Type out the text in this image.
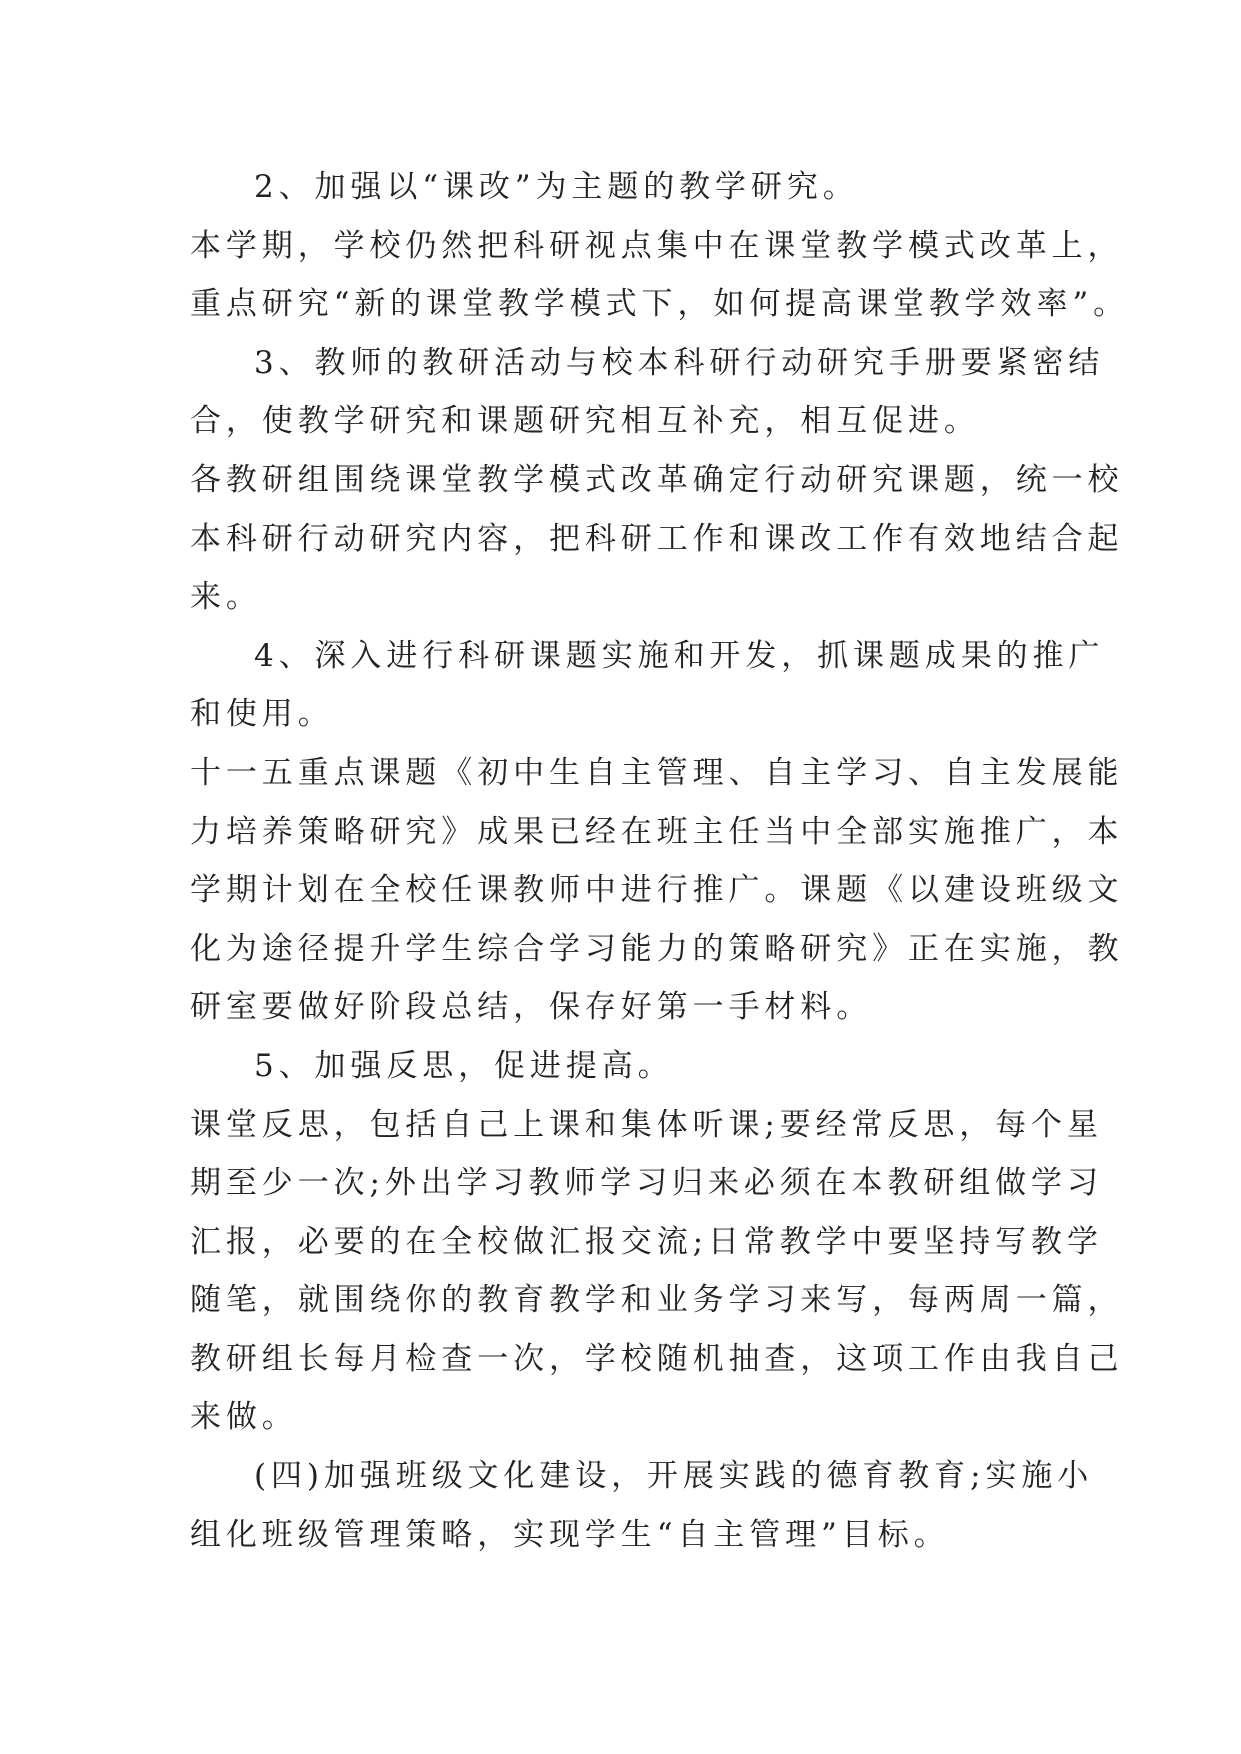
2、加强以“课改”为主题的教学研究。
本学期，学校仍然把科研视点集中在课堂教学模式改革上，
重点研究“新的课堂教学模式下，如何提高课堂教学效率”。
3、教师的教研活动与校本科研行动研究手册要紧密结
合，使教学研究和课题研究相互补充，相互促进。
各教研组围绕课堂教学模式改革确定行动研究课题，统一校
本科研行动研究内容，把科研工作和课改工作有效地结合起
来。
4、深入进行科研课题实施和开发，抓课题成果的推广
和使用。
十一五重点课题《初中生自主管理、自主学习、自主发展能
力培养策略研究》成果已经在班主任当中全部实施推广，本
学期计划在全校任课教师中进行推广。课题《以建设班级文
化为途径提升学生综合学习能力的策略研究》正在实施，教
研室要做好阶段总结，保存好第一手材料。
5、加强反思，促进提高。
课堂反思，包括自己上课和集体听课;要经常反思，每个星
期至少一次;外出学习教师学习归来必须在本教研组做学习
汇报，必要的在全校做汇报交流;日常教学中要坚持写教学
随笔，就围绕你的教育教学和业务学习来写，每两周一篇，
教研组长每月检查一次，学校随机抽查，这项工作由我自己
来做。
(四)加强班级文化建设，开展实践的德育教育;实施小
组化班级管理策略，实现学生“自主管理”目标。
